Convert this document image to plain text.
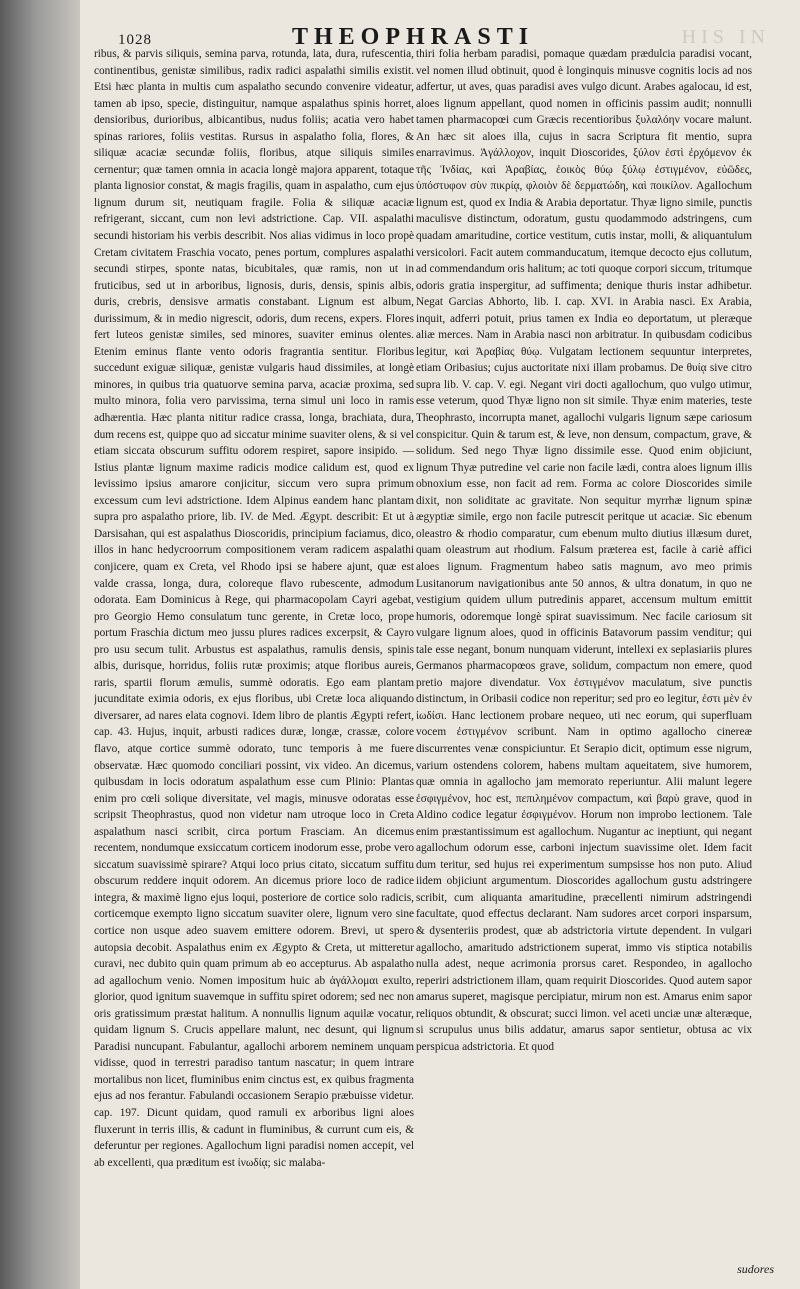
1028	THEOPHRASTI	HIS IN

ribus, & parvis siliquis, semina parva, rotunda, lata, dura, rufescentia, continentibus, genistæ similibus, radix radici aspalathi similis existit. Etsi hæc planta in multis cum aspalatho secundo convenire videatur, tamen ab ipso, specie, distinguitur, namque aspalathus spinis horret, densioribus, durioribus, albicantibus, nudus foliis; acatia vero habet spinas rariores, foliis vestitas. Rursus in aspalatho folia, flores, & siliquæ acaciæ secundæ foliis, floribus, atque siliquis similes cernentur; quæ tamen omnia in acacia longè majora apparent, totaque planta lignosior constat, & magis fragilis, quam in aspalatho, cum ejus lignum durum sit, neutiquam fragile. Folia & siliquæ acaciæ refrigerant, siccant, cum non levi adstrictione. Cap. VII. aspalathi secundi historiam his verbis describit. Nos alias vidimus in loco propè Cretam civitatem Fraschia vocato, penes portum, complures aspalathi secundi stirpes, sponte natas, bicubitales, quæ ramis, non ut in fruticibus, sed ut in arboribus, lignosis, duris, densis, spinis albis, duris, crebris, densisve armatis constabant. Lignum est album, durissimum, & in medio nigrescit, odoris, dum recens, expers. Flores fert luteos genistæ similes, sed minores, suaviter eminus olentes. Etenim eminus flante vento odoris fragrantia sentitur. Floribus succedunt exiguæ siliquæ, genistæ vulgaris haud dissimiles, at longè minores, in quibus tria quatuorve semina parva, acaciæ proxima, sed multo minora, folia vero parvissima, terna simul uni loco in ramis adhærentia. Hæc planta nititur radice crassa, longa, brachiata, dura, dum recens est, quippe quo ad siccatur minime suaviter olens, & si vel etiam siccata obscurum suffitu odorem respiret, sapore insipido. — Istius plantæ lignum maxime radicis modice calidum est, quod ex levissimo ipsius amarore conjicitur, siccum vero supra primum excessum cum levi adstrictione. Idem Alpinus eandem hanc plantam supra pro aspalatho priore, lib. IV. de Med. Ægypt. describit: Et ut à Darsisahan, qui est aspalathus Dioscoridis, principium faciamus, dico, illos in hanc hedycroorrum compositionem veram radicem aspalathi conjicere, quam ex Creta, vel Rhodo ipsi se habere ajunt, quæ est valde crassa, longa, dura, coloreque flavo rubescente, admodum odorata. Eam Dominicus à Rege, qui pharmacopolam Cayri agebat, pro Georgio Hemo consulatum tunc gerente, in Cretæ loco, prope portum Fraschia dictum meo jussu plures radices excerpsit, & Cayro pro usu secum tulit. Arbustus est aspalathus, ramulis densis, spinis albis, durisque, horridus, foliis rutæ proximis; atque floribus aureis, raris, spartii florum æmulis, summè odoratis. Ego eam plantam jucunditate eximia odoris, ex ejus floribus, ubi Cretæ loca aliquando diversarer, ad nares elata cognovi. Idem libro de plantis Ægypti refert, cap. 43. Hujus, inquit, arbusti radices duræ, longæ, crassæ, colore flavo, atque cortice summè odorato, tunc temporis à me fuere observatæ. Hæc quomodo conciliari possint, vix video. An dicemus, quibusdam in locis odoratum aspalathum esse cum Plinio: Plantas enim pro cœli solique diversitate, vel magis, minusve odoratas esse scripsit Theophrastus, quod non videtur nam utroque loco in Creta aspalathum nasci scribit, circa portum Frasciam. An dicemus recentem, nondumque exsiccatum corticem inodorum esse, probe vero siccatum suavissimè spirare? Atqui loco prius citato, siccatum suffitu obscurum reddere inquit odorem. An dicemus priore loco de radice integra, & maximè ligno ejus loqui, posteriore de cortice solo radicis, corticemque exempto ligno siccatum suaviter olere, lignum vero sine cortice non usque adeo suavem emittere odorem. Brevi, ut spero autopsia decobit. Aspalathus enim ex Ægypto & Creta, ut mitteretur curavi, nec dubito quin quam primum ab eo accepturus. Ab aspalatho ad agallochum venio. Nomen impositum huic ab ἀγάλλομαι exulto, glorior, quod ignitum suavemque in suffitu spiret odorem; sed nec non oris gratissimum præstat halitum. A nonnullis lignum aquilæ vocatur, quidam lignum S. Crucis appellare malunt, nec desunt, qui lignum Paradisi nuncupant. Fabulantur, agallochi arborem neminem unquam vidisse, quod in terrestri paradiso tantum nascatur; in quem intrare mortalibus non licet, fluminibus enim cinctus est, ex quibus fragmenta ejus ad nos ferantur. Fabulandi occasionem Serapio præbuisse videtur. cap. 197. Dicunt quidam, quod ramuli ex arboribus ligni aloes fluxerunt in terris illis, & cadunt in fluminibus, & currunt cum eis, & deferuntur per regiones. Agallochum ligni paradisi nomen accepit, vel ab excellenti, qua præditum est ἰνωδίᾳ; sic malaba-

thiri folia herbam paradisi, pomaque quædam prædulcia paradisi vocant, vel nomen illud obtinuit, quod è longinquis minusve cognitis locis ad nos adfertur, ut aves, quas paradisi aves vulgo dicunt. Arabes agalocau, id est, aloes lignum appellant, quod nomen in officinis passim audit; nonnulli tamen pharmacopœi cum Græcis recentioribus ξυλαλόην vocare malunt. An hæc sit aloes illa, cujus in sacra Scriptura fit mentio, supra enarravimus. Ἀγάλλοχον, inquit Dioscorides, ξύλον ἐστὶ ἐρχόμενον ἐκ τῆς Ἰνδίας, καὶ Ἀραβίας, ἐοικὸς θύῳ ξύλῳ ἐστιγμένον, εὐῶδες, ὑπόστυφον σὺν πικρίᾳ, φλοιὸν δὲ δερματώδη, καὶ ποικίλον. Agallochum lignum est, quod ex India & Arabia deportatur. Thyæ ligno simile, punctis maculisve distinctum, odoratum, gustu quodammodo adstringens, cum quadam amaritudine, cortice vestitum, cutis instar, molli, & aliquantulum versicolori. Facit autem commanducatum, itemque decocto ejus collutum, ad commendandum oris halitum; ac toti quoque corpori siccum, tritumque odoris gratia inspergitur, ad suffimenta; denique thuris instar adhibetur. Negat Garcias Abhorto, lib. I. cap. XVI. in Arabia nasci. Ex Arabia, inquit, adferri potuit, prius tamen ex India eo deportatum, ut pleræque aliæ merces. Nam in Arabia nasci non arbitratur. In quibusdam codicibus legitur, καὶ Ἀραβίας θύῳ. Vulgatam lectionem sequuntur interpretes, etiam Oribasius; cujus auctoritate nixi illam probamus. De θυίᾳ sive citro supra lib. V. cap. V. egi. Negant viri docti agallochum, quo vulgo utimur, esse veterum, quod Thyæ ligno non sit simile. Thyæ enim materies, teste Theophrasto, incorrupta manet, agallochi vulgaris lignum sæpe cariosum conspicitur. Quin & tarum est, & leve, non densum, compactum, grave, & solidum. Sed nego Thyæ ligno dissimile esse. Quod enim objiciunt, lignum Thyæ putredine vel carie non facile lædi, contra aloes lignum illis obnoxium esse, non facit ad rem. Forma ac colore Dioscorides simile dixit, non soliditate ac gravitate. Non sequitur myrrhæ lignum spinæ ægyptiæ simile, ergo non facile putrescit peritque ut acaciæ. Sic ebenum oleastro & rhodio comparatur, cum ebenum multo diutius illæsum duret, quam oleastrum aut rhodium. Falsum præterea est, facile à cariè affici aloes lignum. Fragmentum habeo satis magnum, avo meo primis Lusitanorum navigationibus ante 50 annos, & ultra donatum, in quo ne vestigium quidem ullum putredinis apparet, accensum multum emittit humoris, odoremque longè spirat suavissimum. Nec facile cariosum sit vulgare lignum aloes, quod in officinis Batavorum passim venditur; qui tale esse negant, bonum nunquam viderunt, intellexi ex seplasiariis plures Germanos pharmacopœos grave, solidum, compactum non emere, quod pretio majore divendatur. Vox ἐστιγμένον maculatum, sive punctis distinctum, in Oribasii codice non reperitur; sed pro eo legitur, ἐστι μὲν ἐν ἰωδίσι. Hanc lectionem probare nequeo, uti nec eorum, qui superfluam vocem ἐστιγμένον scribunt. Nam in optimo agallocho cinereæ discurrentes venæ conspiciuntur. Et Serapio dicit, optimum esse nigrum, varium ostendens colorem, habens multam aqueitatem, sive humorem, quæ omnia in agallocho jam memorato reperiuntur. Alii malunt legere ἐσφιγμένον, hoc est, πεπιλημένον compactum, καὶ βαρὺ grave, quod in Aldino codice legatur ἐσφιγμένον. Horum non improbo lectionem. Tale enim præstantissimum est agallochum. Nugantur ac ineptiunt, qui negant agallochum odorum esse, carboni injectum suavissime olet. Idem facit dum teritur, sed hujus rei experimentum sumpsisse hos non puto. Aliud iidem objiciunt argumentum. Dioscorides agallochum gustu adstringere scribit, cum aliquanta amaritudine, præcellenti nimirum adstringendi facultate, quod effectus declarant. Nam sudores arcet corpori insparsum, & dysenteriis prodest, quæ ab adstrictoria virtute dependent. In vulgari agallocho, amaritudo adstrictionem superat, immo vis stiptica notabilis nulla adest, neque acrimonia prorsus caret. Respondeo, in agallocho reperiri adstrictionem illam, quam requirit Dioscorides. Quod autem sapor amarus superet, magisque percipiatur, mirum non est. Amarus enim sapor reliquos obtundit, & obscurat; succi limon. vel aceti unciæ unæ alteræque, si scrupulus unus bilis addatur, amarus sapor sentietur, obtusa ac vix perspicua adstrictoria. Et quod

sudores
